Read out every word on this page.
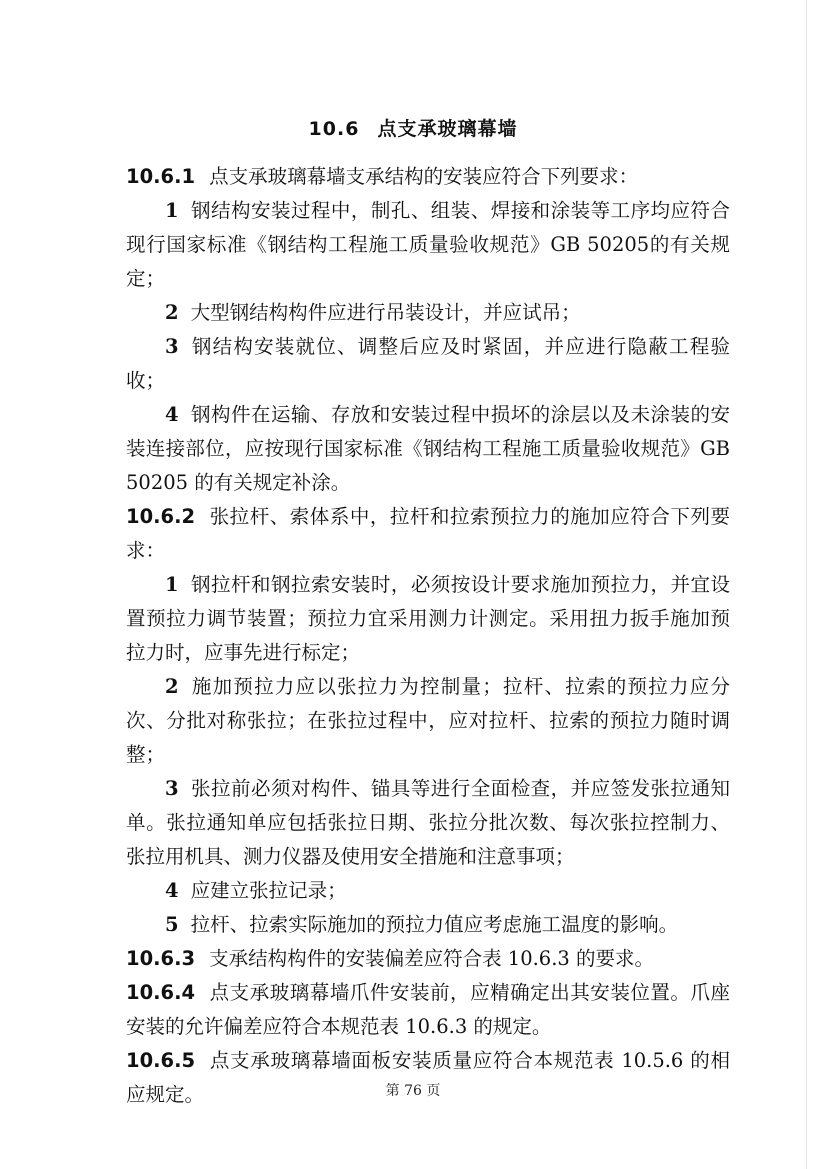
10.6 点支承玻璃幕墙

10.6.1 点支承玻璃幕墙支承结构的安装应符合下列要求：

1 钢结构安装过程中，制孔、组装、焊接和涂装等工序均应符合现行国家标准《钢结构工程施工质量验收规范》GB 50205的有关规定；

2 大型钢结构构件应进行吊装设计，并应试吊；

3 钢结构安装就位、调整后应及时紧固，并应进行隐蔽工程验收；

4 钢构件在运输、存放和安装过程中损坏的涂层以及未涂装的安装连接部位，应按现行国家标准《钢结构工程施工质量验收规范》GB 50205 的有关规定补涂。

10.6.2 张拉杆、索体系中，拉杆和拉索预拉力的施加应符合下列要求：

1 钢拉杆和钢拉索安装时，必须按设计要求施加预拉力，并宜设置预拉力调节装置；预拉力宜采用测力计测定。采用扭力扳手施加预拉力时，应事先进行标定；

2 施加预拉力应以张拉力为控制量；拉杆、拉索的预拉力应分次、分批对称张拉；在张拉过程中，应对拉杆、拉索的预拉力随时调整；

3 张拉前必须对构件、锚具等进行全面检查，并应签发张拉通知单。张拉通知单应包括张拉日期、张拉分批次数、每次张拉控制力、张拉用机具、测力仪器及使用安全措施和注意事项；

4 应建立张拉记录；

5 拉杆、拉索实际施加的预拉力值应考虑施工温度的影响。

10.6.3 支承结构构件的安装偏差应符合表 10.6.3 的要求。

10.6.4 点支承玻璃幕墙爪件安装前，应精确定出其安装位置。爪座安装的允许偏差应符合本规范表 10.6.3 的规定。

10.6.5 点支承玻璃幕墙面板安装质量应符合本规范表 10.5.6 的相应规定。	第 76 页
